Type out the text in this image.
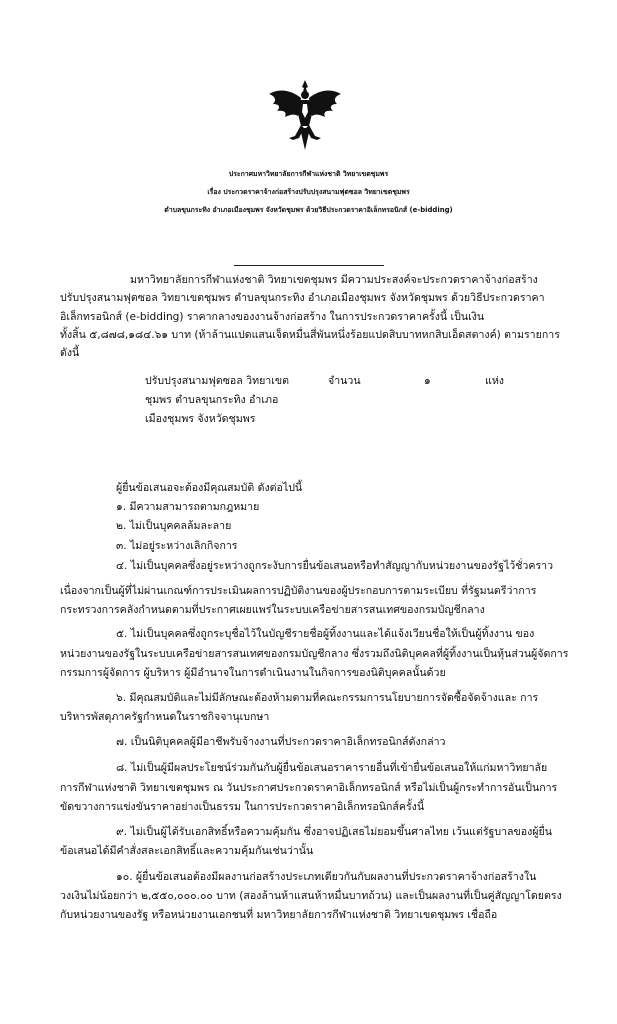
ประกาศมหาวิทยาลัยการกีฬาแห่งชาติ วิทยาเขตชุมพร
เรื่อง ประกวดราคาจ้างก่อสร้างปรับปรุงสนามฟุตซอล วิทยาเขตชุมพร
ตำบลขุนกระทิง อำเภอเมืองชุมพร จังหวัดชุมพร ด้วยวิธีประกวดราคาอิเล็กทรอนิกส์ (e-bidding)
มหาวิทยาลัยการกีฬาแห่งชาติ วิทยาเขตชุมพร มีความประสงค์จะประกวดราคาจ้างก่อสร้าง
ปรับปรุงสนามฟุตซอล วิทยาเขตชุมพร ตำบลขุนกระทิง อำเภอเมืองชุมพร จังหวัดชุมพร ด้วยวิธีประกวดราคา
อิเล็กทรอนิกส์ (e-bidding) ราคากลางของงานจ้างก่อสร้าง ในการประกวดราคาครั้งนี้ เป็นเงิน
ทั้งสิ้น ๕,๘๗๘,๑๘๔.๖๑ บาท (ห้าล้านแปดแสนเจ็ดหมื่นสี่พันหนึ่งร้อยแปดสิบบาทหกสิบเอ็ดสตางค์) ตามรายการ
ดังนี้
ปรับปรุงสนามฟุตซอล วิทยาเขต
ชุมพร ตำบลขุนกระทิง อำเภอ
เมืองชุมพร จังหวัดชุมพร
จำนวน	๑	แห่ง
ผู้ยื่นข้อเสนอจะต้องมีคุณสมบัติ ดังต่อไปนี้
๑. มีความสามารถตามกฎหมาย
๒. ไม่เป็นบุคคลล้มละลาย
๓. ไม่อยู่ระหว่างเลิกกิจการ
๔. ไม่เป็นบุคคลซึ่งอยู่ระหว่างถูกระงับการยื่นข้อเสนอหรือทำสัญญากับหน่วยงานของรัฐไว้ชั่วคราว
เนื่องจากเป็นผู้ที่ไม่ผ่านเกณฑ์การประเมินผลการปฏิบัติงานของผู้ประกอบการตามระเบียบ ที่รัฐมนตรีว่าการ
กระทรวงการคลังกำหนดตามที่ประกาศเผยแพร่ในระบบเครือข่ายสารสนเทศของกรมบัญชีกลาง
๕. ไม่เป็นบุคคลซึ่งถูกระบุชื่อไว้ในบัญชีรายชื่อผู้ทิ้งงานและได้แจ้งเวียนชื่อให้เป็นผู้ทิ้งงาน ของ
หน่วยงานของรัฐในระบบเครือข่ายสารสนเทศของกรมบัญชีกลาง ซึ่งรวมถึงนิติบุคคลที่ผู้ทิ้งงานเป็นหุ้นส่วนผู้จัดการ
กรรมการผู้จัดการ ผู้บริหาร ผู้มีอำนาจในการดำเนินงานในกิจการของนิติบุคคลนั้นด้วย
๖. มีคุณสมบัติและไม่มีลักษณะต้องห้ามตามที่คณะกรรมการนโยบายการจัดซื้อจัดจ้างและ การ
บริหารพัสดุภาครัฐกำหนดในราชกิจจานุเบกษา
๗. เป็นนิติบุคคลผู้มีอาชีพรับจ้างงานที่ประกวดราคาอิเล็กทรอนิกส์ดังกล่าว
๘. ไม่เป็นผู้มีผลประโยชน์ร่วมกันกับผู้ยื่นข้อเสนอราคารายอื่นที่เข้ายื่นข้อเสนอให้แก่มหาวิทยาลัย
การกีฬาแห่งชาติ วิทยาเขตชุมพร ณ วันประกาศประกวดราคาอิเล็กทรอนิกส์ หรือไม่เป็นผู้กระทำการอันเป็นการ
ขัดขวางการแข่งขันราคาอย่างเป็นธรรม ในการประกวดราคาอิเล็กทรอนิกส์ครั้งนี้
๙. ไม่เป็นผู้ได้รับเอกสิทธิ์หรือความคุ้มกัน ซึ่งอาจปฏิเสธไม่ยอมขึ้นศาลไทย เว้นแต่รัฐบาลของผู้ยื่น
ข้อเสนอได้มีคำสั่งสละเอกสิทธิ์และความคุ้มกันเช่นว่านั้น
๑๐. ผู้ยื่นข้อเสนอต้องมีผลงานก่อสร้างประเภทเดียวกันกับผลงานที่ประกวดราคาจ้างก่อสร้างใน
วงเงินไม่น้อยกว่า ๒,๕๕๐,๐๐๐.๐๐ บาท (สองล้านห้าแสนห้าหมื่นบาทถ้วน) และเป็นผลงานที่เป็นคู่สัญญาโดยตรง
กับหน่วยงานของรัฐ หรือหน่วยงานเอกชนที่ มหาวิทยาลัยการกีฬาแห่งชาติ วิทยาเขตชุมพร เชื่อถือ
